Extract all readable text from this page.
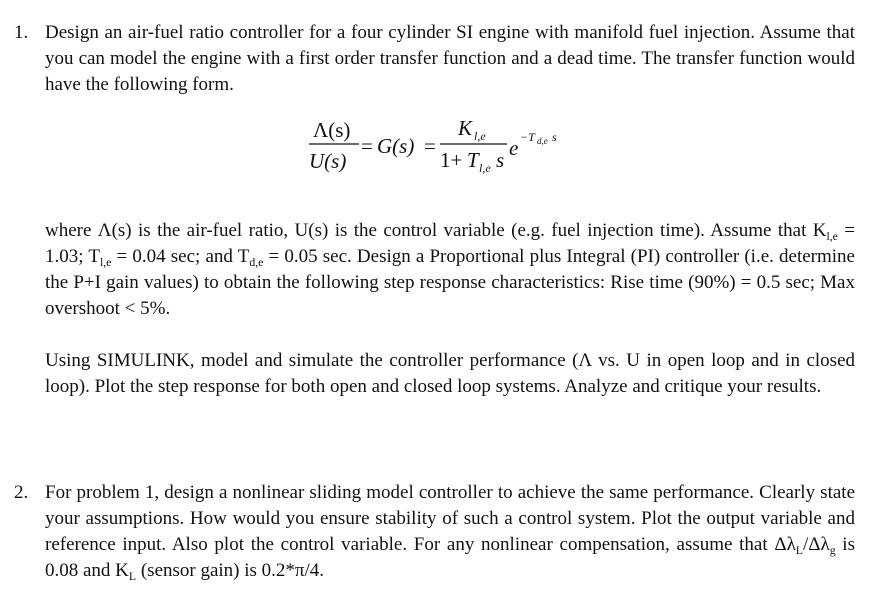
1. Design an air-fuel ratio controller for a four cylinder SI engine with manifold fuel injection. Assume that you can model the engine with a first order transfer function and a dead time. The transfer function would have the following form.

Λ(s)
U(s)
= G(s) =
K l,e
1+ T l,e s e −T d,e s

where Λ(s) is the air-fuel ratio, U(s) is the control variable (e.g. fuel injection time). Assume that Kl,e = 1.03; Tl,e = 0.04 sec; and Td,e = 0.05 sec. Design a Proportional plus Integral (PI) controller (i.e. determine the P+I gain values) to obtain the following step response characteristics: Rise time (90%) = 0.5 sec; Max overshoot < 5%.

Using SIMULINK, model and simulate the controller performance (Λ vs. U in open loop and in closed loop). Plot the step response for both open and closed loop systems. Analyze and critique your results.

2. For problem 1, design a nonlinear sliding model controller to achieve the same performance. Clearly state your assumptions. How would you ensure stability of such a control system. Plot the output variable and reference input. Also plot the control variable. For any nonlinear compensation, assume that ΔλL/Δλg is 0.08 and KL (sensor gain) is 0.2*π/4.
